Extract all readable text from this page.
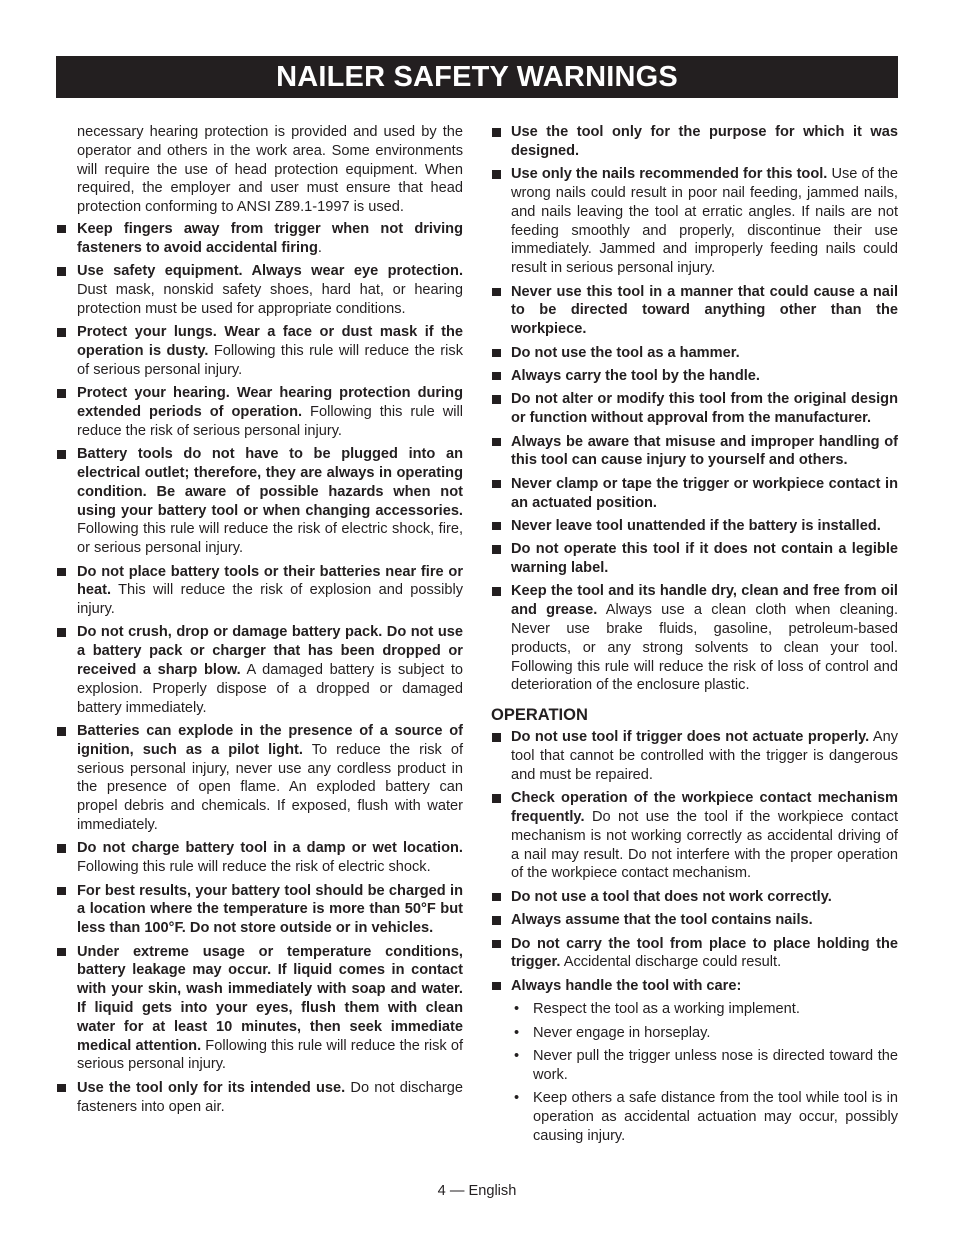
NAILER SAFETY WARNINGS

necessary hearing protection is provided and used by the operator and others in the work area. Some environments will require the use of head protection equipment. When required, the employer and user must ensure that head protection conforming to ANSI Z89.1-1997 is used.

Keep fingers away from trigger when not driving fasteners to avoid accidental firing.
Use safety equipment. Always wear eye protection. Dust mask, nonskid safety shoes, hard hat, or hearing protection must be used for appropriate conditions.
Protect your lungs. Wear a face or dust mask if the operation is dusty. Following this rule will reduce the risk of serious personal injury.
Protect your hearing. Wear hearing protection during extended periods of operation. Following this rule will reduce the risk of serious personal injury.
Battery tools do not have to be plugged into an electrical outlet; therefore, they are always in operating condition. Be aware of possible hazards when not using your battery tool or when changing accessories. Following this rule will reduce the risk of electric shock, fire, or serious personal injury.
Do not place battery tools or their batteries near fire or heat. This will reduce the risk of explosion and possibly injury.
Do not crush, drop or damage battery pack. Do not use a battery pack or charger that has been dropped or received a sharp blow. A damaged battery is subject to explosion. Properly dispose of a dropped or damaged battery immediately.
Batteries can explode in the presence of a source of ignition, such as a pilot light. To reduce the risk of serious personal injury, never use any cordless product in the presence of open flame. An exploded battery can propel debris and chemicals. If exposed, flush with water immediately.
Do not charge battery tool in a damp or wet location. Following this rule will reduce the risk of electric shock.
For best results, your battery tool should be charged in a location where the temperature is more than 50°F but less than 100°F. Do not store outside or in vehicles.
Under extreme usage or temperature conditions, battery leakage may occur. If liquid comes in contact with your skin, wash immediately with soap and water. If liquid gets into your eyes, flush them with clean water for at least 10 minutes, then seek immediate medical attention. Following this rule will reduce the risk of serious personal injury.
Use the tool only for its intended use. Do not discharge fasteners into open air.
Use the tool only for the purpose for which it was designed.
Use only the nails recommended for this tool. Use of the wrong nails could result in poor nail feeding, jammed nails, and nails leaving the tool at erratic angles. If nails are not feeding smoothly and properly, discontinue their use immediately. Jammed and improperly feeding nails could result in serious personal injury.
Never use this tool in a manner that could cause a nail to be directed toward anything other than the workpiece.
Do not use the tool as a hammer.
Always carry the tool by the handle.
Do not alter or modify this tool from the original design or function without approval from the manufacturer.
Always be aware that misuse and improper handling of this tool can cause injury to yourself and others.
Never clamp or tape the trigger or workpiece contact in an actuated position.
Never leave tool unattended if the battery is installed.
Do not operate this tool if it does not contain a legible warning label.
Keep the tool and its handle dry, clean and free from oil and grease. Always use a clean cloth when cleaning. Never use brake fluids, gasoline, petroleum-based products, or any strong solvents to clean your tool. Following this rule will reduce the risk of loss of control and deterioration of the enclosure plastic.
OPERATION
Do not use tool if trigger does not actuate properly. Any tool that cannot be controlled with the trigger is dangerous and must be repaired.
Check operation of the workpiece contact mechanism frequently. Do not use the tool if the workpiece contact mechanism is not working correctly as accidental driving of a nail may result. Do not interfere with the proper operation of the workpiece contact mechanism.
Do not use a tool that does not work correctly.
Always assume that the tool contains nails.
Do not carry the tool from place to place holding the trigger. Accidental discharge could result.
Always handle the tool with care:
• Respect the tool as a working implement.
• Never engage in horseplay.
• Never pull the trigger unless nose is directed toward the work.
• Keep others a safe distance from the tool while tool is in operation as accidental actuation may occur, possibly causing injury.
4 — English
